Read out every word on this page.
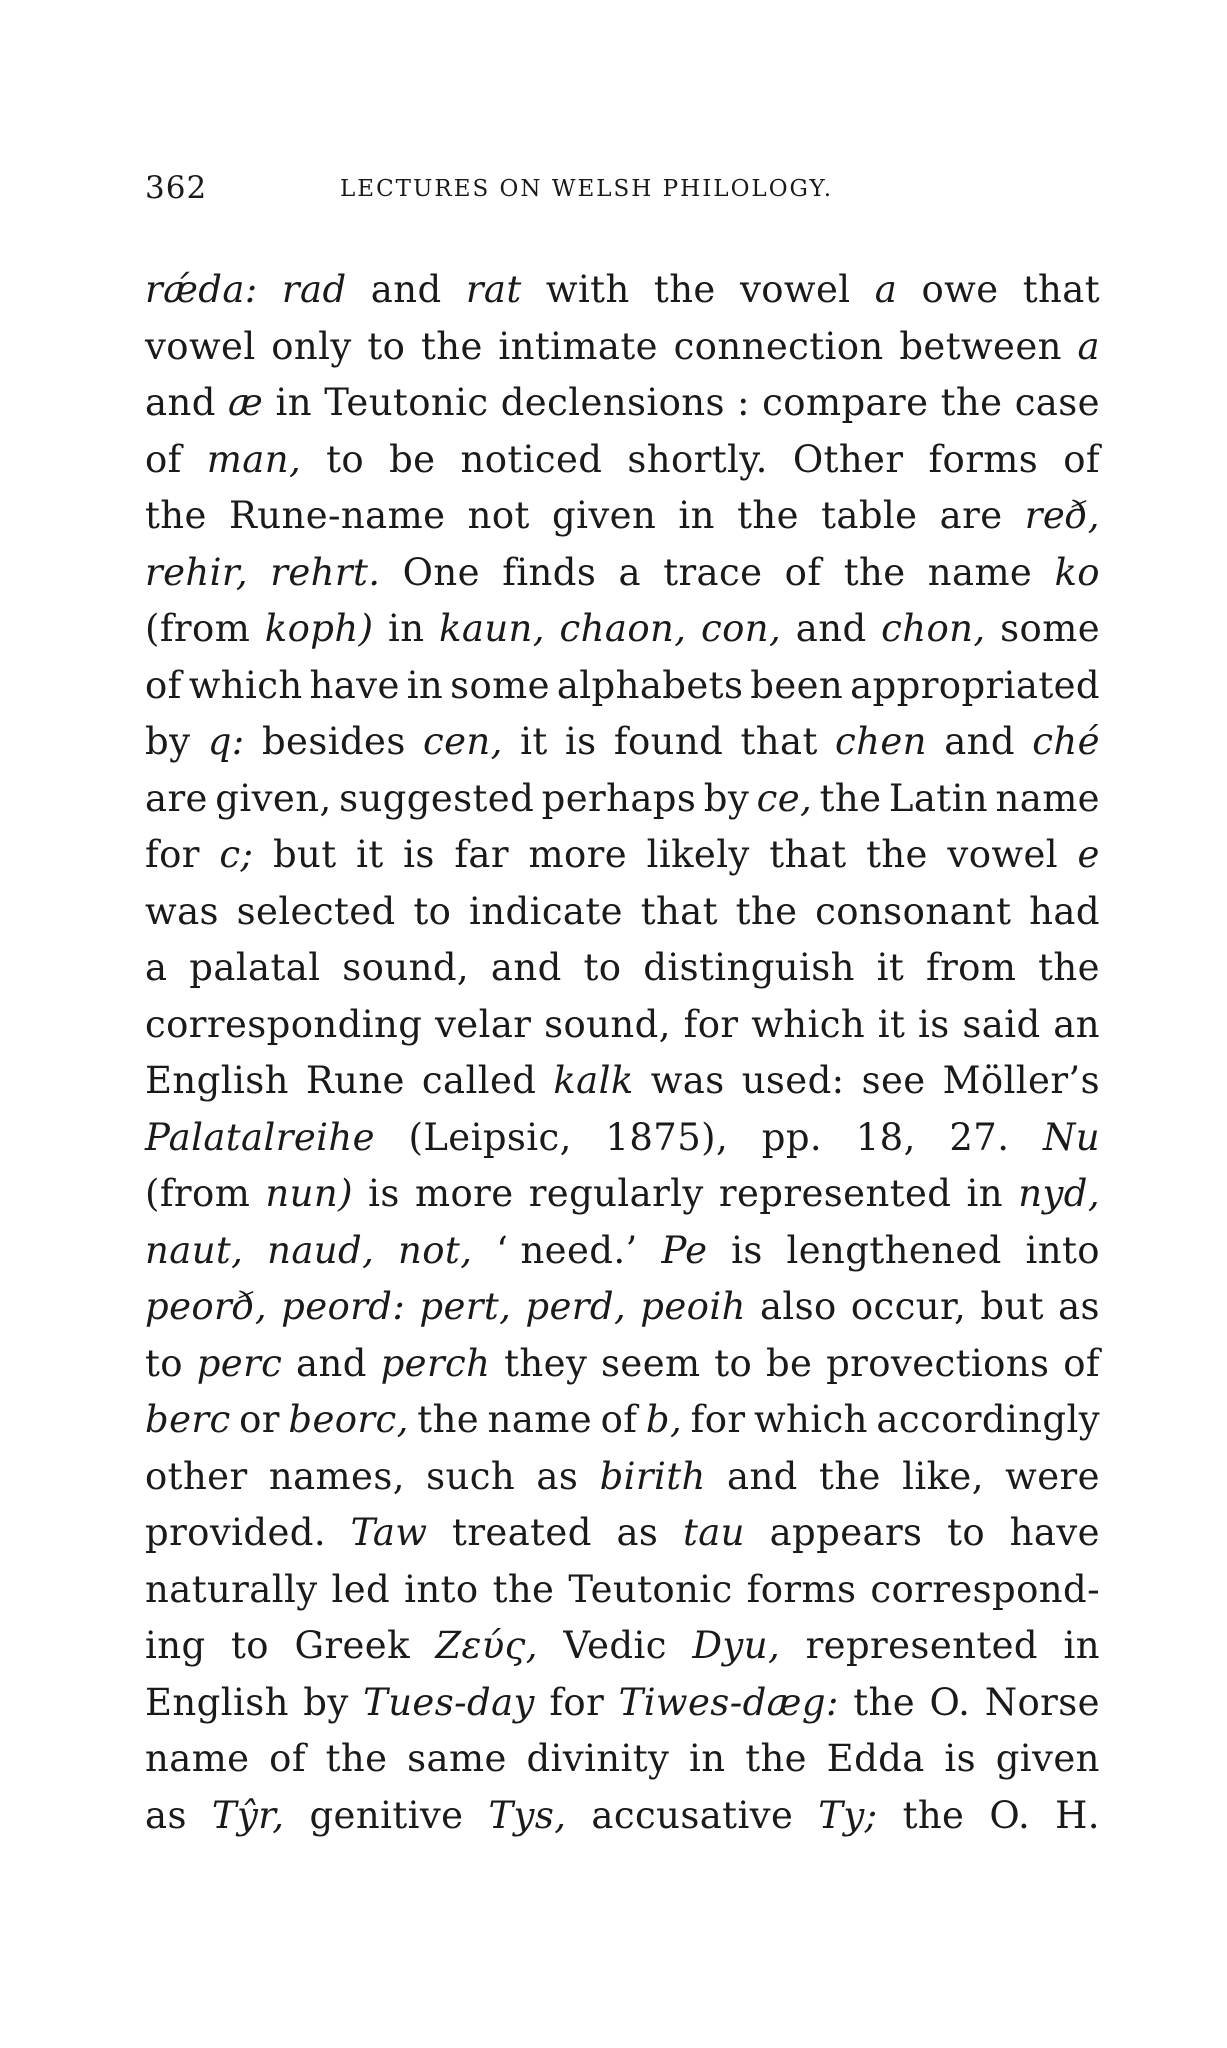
362	LECTURES ON WELSH PHILOLOGY.
rǽda: rad and rat with the vowel a owe that
vowel only to the intimate connection between a
and æ in Teutonic declensions : compare the case
of man, to be noticed shortly. Other forms of
the Rune-name not given in the table are reð,
rehir, rehrt. One finds a trace of the name ko
(from koph) in kaun, chaon, con, and chon, some
of which have in some alphabets been appropriated
by q: besides cen, it is found that chen and ché
are given, suggested perhaps by ce, the Latin name
for c; but it is far more likely that the vowel e
was selected to indicate that the consonant had
a palatal sound, and to distinguish it from the
corresponding velar sound, for which it is said an
English Rune called kalk was used: see Möller’s
Palatalreihe (Leipsic, 1875), pp. 18, 27. Nu
(from nun) is more regularly represented in nyd,
naut, naud, not, ‘ need.’ Pe is lengthened into
peorð, peord: pert, perd, peoih also occur, but as
to perc and perch they seem to be provections of
berc or beorc, the name of b, for which accordingly
other names, such as birith and the like, were
provided. Taw treated as tau appears to have
naturally led into the Teutonic forms correspond-
ing to Greek Ζεύς, Vedic Dyu, represented in
English by Tues-day for Tiwes-dæg: the O. Norse
name of the same divinity in the Edda is given
as Tŷr, genitive Tys, accusative Ty; the O. H.
